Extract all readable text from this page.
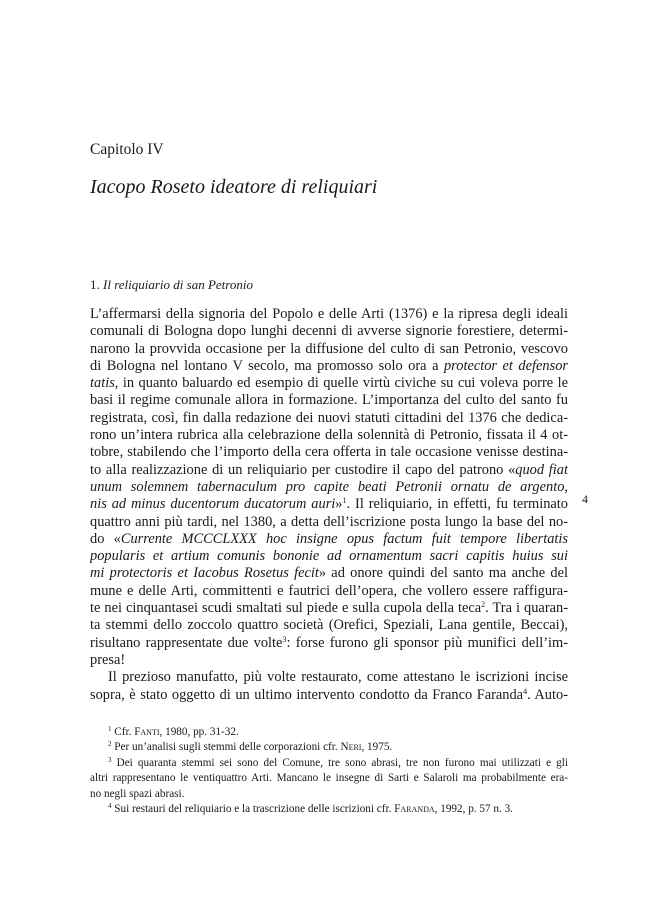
Capitolo IV
Iacopo Roseto ideatore di reliquiari
1. Il reliquiario di san Petronio
L’affermarsi della signoria del Popolo e delle Arti (1376) e la ripresa degli ideali
comunali di Bologna dopo lunghi decenni di avverse signorie forestiere, determi-
narono la provvida occasione per la diffusione del culto di san Petronio, vescovo
di Bologna nel lontano V secolo, ma promosso solo ora a protector et defensor
tatis, in quanto baluardo ed esempio di quelle virtù civiche su cui voleva porre le
basi il regime comunale allora in formazione. L’importanza del culto del santo fu
registrata, così, fin dalla redazione dei nuovi statuti cittadini del 1376 che dedica-
rono un’intera rubrica alla celebrazione della solennità di Petronio, fissata il 4 ot-
tobre, stabilendo che l’importo della cera offerta in tale occasione venisse destina-
to alla realizzazione di un reliquiario per custodire il capo del patrono «quod fiat
unum solemnem tabernaculum pro capite beati Petronii ornatu de argento,
nis ad minus ducentorum ducatorum auri»$^1$. Il reliquiario, in effetti, fu terminato
quattro anni più tardi, nel 1380, a detta dell’iscrizione posta lungo la base del no-
do «Currente MCCCLXXX hoc insigne opus factum fuit tempore libertatis
popularis et artium comunis bononie ad ornamentum sacri capitis huius sui
mi protectoris et Iacobus Rosetus fecit» ad onore quindi del santo ma anche del
mune e delle Arti, committenti e fautrici dell’opera, che vollero essere raffigura-
te nei cinquantasei scudi smaltati sul piede e sulla cupola della teca$^2$. Tra i quaran-
ta stemmi dello zoccolo quattro società (Orefici, Speziali, Lana gentile, Beccai),
risultano rappresentate due volte$^3$: forse furono gli sponsor più munifici dell’im-
presa!
Il prezioso manufatto, più volte restaurato, come attestano le iscrizioni incise
sopra, è stato oggetto di un ultimo intervento condotto da Franco Faranda$^4$. Auto-
4
$^1$ Cfr. Fanti, 1980, pp. 31-32.
$^2$ Per un’analisi sugli stemmi delle corporazioni cfr. Neri, 1975.
$^3$ Dei quaranta stemmi sei sono del Comune, tre sono abrasi, tre non furono mai utilizzati e gli
altri rappresentano le ventiquattro Arti. Mancano le insegne di Sarti e Salaroli ma probabilmente era-
no negli spazi abrasi.
$^4$ Sui restauri del reliquiario e la trascrizione delle iscrizioni cfr. Faranda, 1992, p. 57 n. 3.
